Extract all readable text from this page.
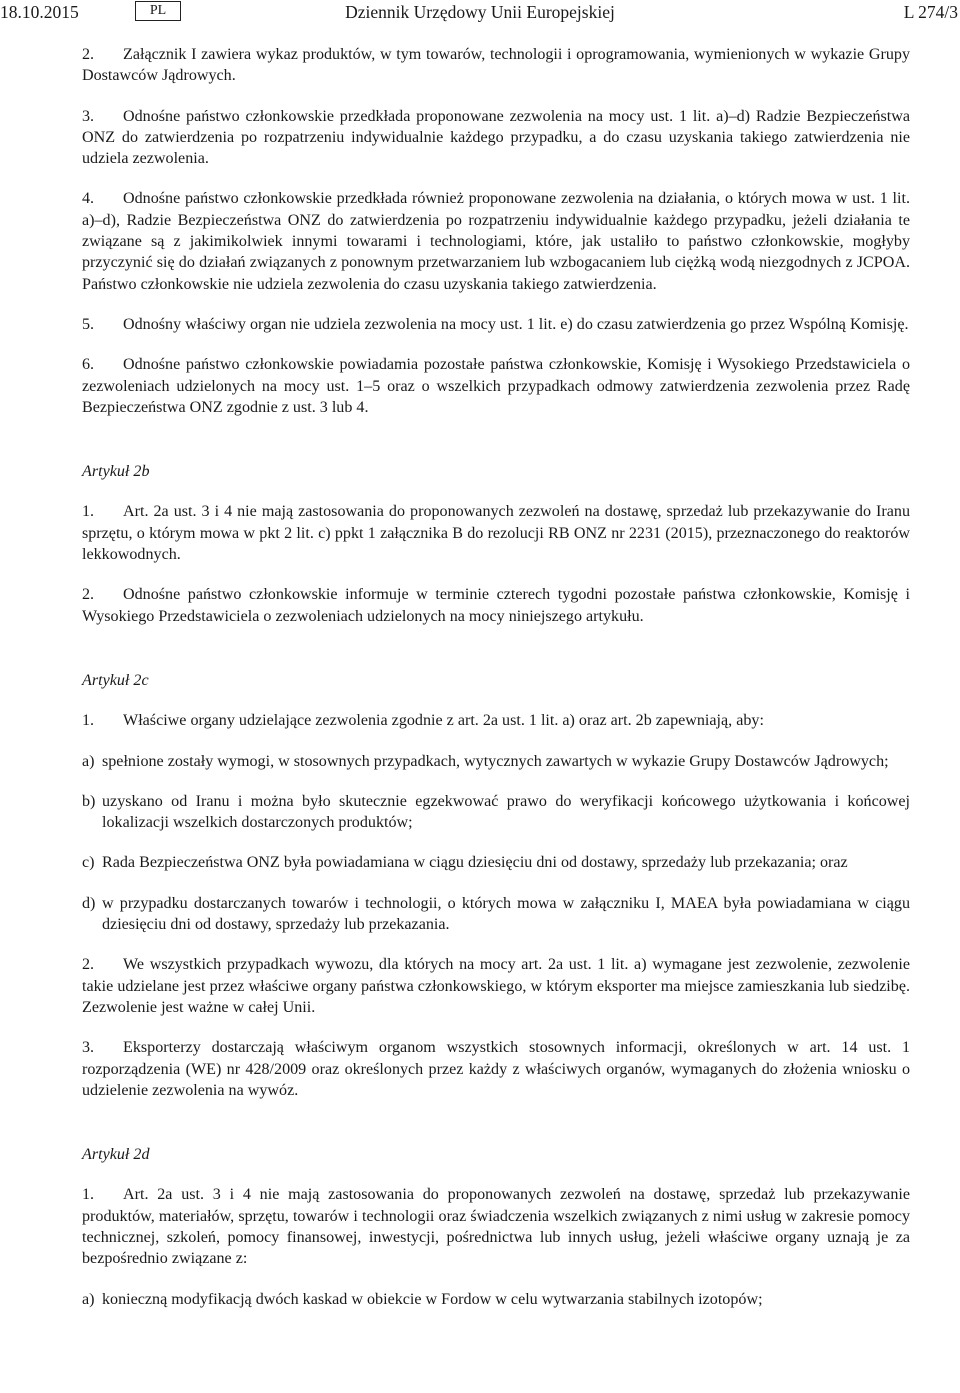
18.10.2015	PL	Dziennik Urzędowy Unii Europejskiej	L 274/3

2. Załącznik I zawiera wykaz produktów, w tym towarów, technologii i oprogramowania, wymienionych w wykazie Grupy Dostawców Jądrowych.

3. Odnośne państwo członkowskie przedkłada proponowane zezwolenia na mocy ust. 1 lit. a)–d) Radzie Bezpieczeństwa ONZ do zatwierdzenia po rozpatrzeniu indywidualnie każdego przypadku, a do czasu uzyskania takiego zatwierdzenia nie udziela zezwolenia.

4. Odnośne państwo członkowskie przedkłada również proponowane zezwolenia na działania, o których mowa w ust. 1 lit. a)–d), Radzie Bezpieczeństwa ONZ do zatwierdzenia po rozpatrzeniu indywidualnie każdego przypadku, jeżeli działania te związane są z jakimikolwiek innymi towarami i technologiami, które, jak ustaliło to państwo członkowskie, mogłyby przyczynić się do działań związanych z ponownym przetwarzaniem lub wzbogacaniem lub ciężką wodą niezgodnych z JCPOA. Państwo członkowskie nie udziela zezwolenia do czasu uzyskania takiego zatwierdzenia.

5. Odnośny właściwy organ nie udziela zezwolenia na mocy ust. 1 lit. e) do czasu zatwierdzenia go przez Wspólną Komisję.

6. Odnośne państwo członkowskie powiadamia pozostałe państwa członkowskie, Komisję i Wysokiego Przedstawiciela o zezwoleniach udzielonych na mocy ust. 1–5 oraz o wszelkich przypadkach odmowy zatwierdzenia zezwolenia przez Radę Bezpieczeństwa ONZ zgodnie z ust. 3 lub 4.

Artykuł 2b

1. Art. 2a ust. 3 i 4 nie mają zastosowania do proponowanych zezwoleń na dostawę, sprzedaż lub przekazywanie do Iranu sprzętu, o którym mowa w pkt 2 lit. c) ppkt 1 załącznika B do rezolucji RB ONZ nr 2231 (2015), przeznaczonego do reaktorów lekkowodnych.

2. Odnośne państwo członkowskie informuje w terminie czterech tygodni pozostałe państwa członkowskie, Komisję i Wysokiego Przedstawiciela o zezwoleniach udzielonych na mocy niniejszego artykułu.

Artykuł 2c

1. Właściwe organy udzielające zezwolenia zgodnie z art. 2a ust. 1 lit. a) oraz art. 2b zapewniają, aby:

a) spełnione zostały wymogi, w stosownych przypadkach, wytycznych zawartych w wykazie Grupy Dostawców Jądrowych;
b) uzyskano od Iranu i można było skutecznie egzekwować prawo do weryfikacji końcowego użytkowania i końcowej lokalizacji wszelkich dostarczonych produktów;
c) Rada Bezpieczeństwa ONZ była powiadamiana w ciągu dziesięciu dni od dostawy, sprzedaży lub przekazania; oraz
d) w przypadku dostarczanych towarów i technologii, o których mowa w załączniku I, MAEA była powiadamiana w ciągu dziesięciu dni od dostawy, sprzedaży lub przekazania.

2. We wszystkich przypadkach wywozu, dla których na mocy art. 2a ust. 1 lit. a) wymagane jest zezwolenie, zezwolenie takie udzielane jest przez właściwe organy państwa członkowskiego, w którym eksporter ma miejsce zamieszkania lub siedzibę. Zezwolenie jest ważne w całej Unii.

3. Eksporterzy dostarczają właściwym organom wszystkich stosownych informacji, określonych w art. 14 ust. 1 rozporządzenia (WE) nr 428/2009 oraz określonych przez każdy z właściwych organów, wymaganych do złożenia wniosku o udzielenie zezwolenia na wywóz.

Artykuł 2d

1. Art. 2a ust. 3 i 4 nie mają zastosowania do proponowanych zezwoleń na dostawę, sprzedaż lub przekazywanie produktów, materiałów, sprzętu, towarów i technologii oraz świadczenia wszelkich związanych z nimi usług w zakresie pomocy technicznej, szkoleń, pomocy finansowej, inwestycji, pośrednictwa lub innych usług, jeżeli właściwe organy uznają je za bezpośrednio związane z:

a) konieczną modyfikacją dwóch kaskad w obiekcie w Fordow w celu wytwarzania stabilnych izotopów;
